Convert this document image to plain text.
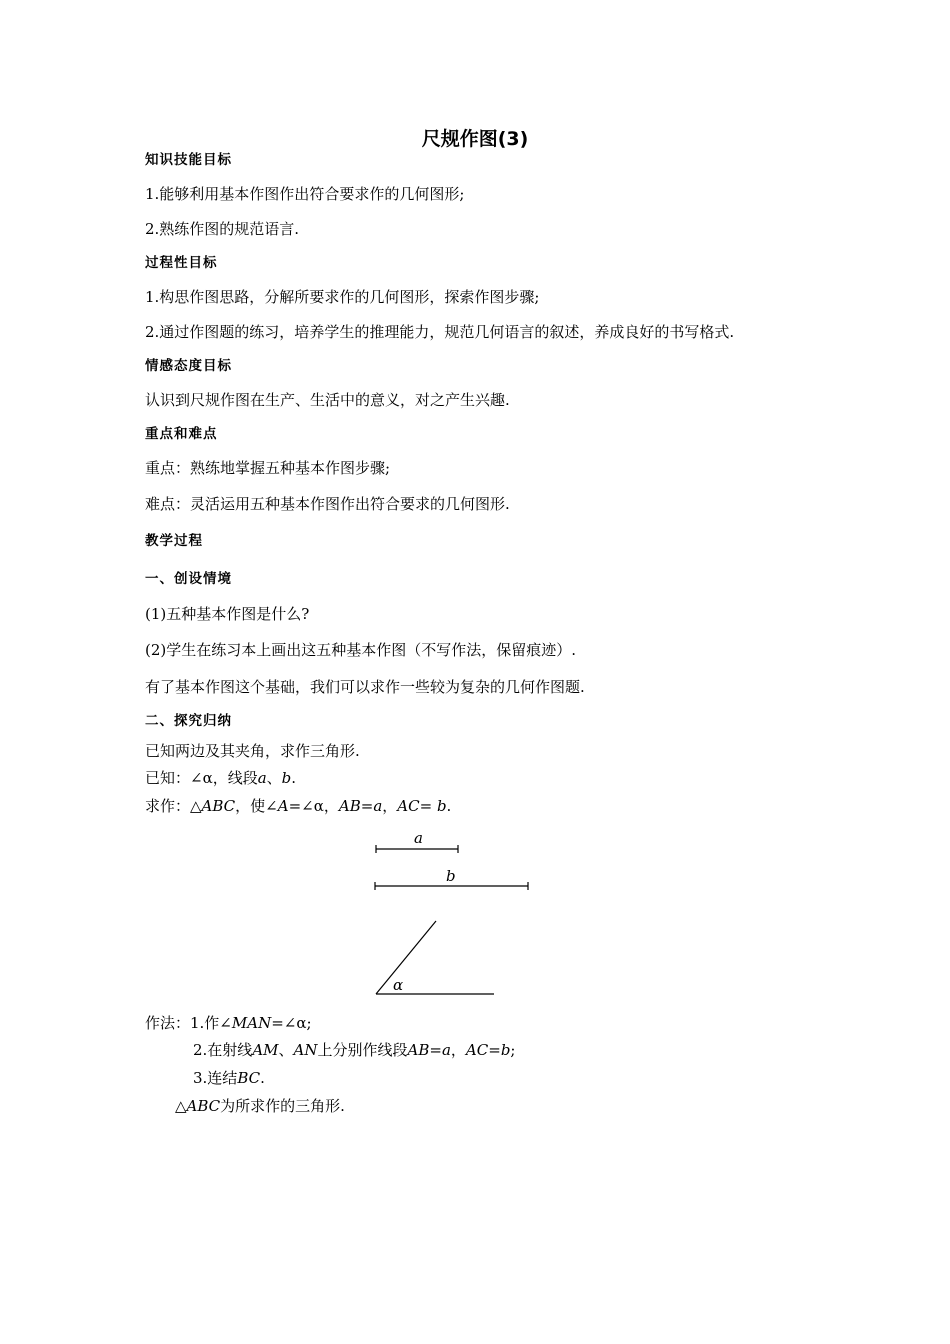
尺规作图(3)
知识技能目标
1.能够利用基本作图作出符合要求作的几何图形;
2.熟练作图的规范语言.
过程性目标
1.构思作图思路，分解所要求作的几何图形，探索作图步骤;
2.通过作图题的练习，培养学生的推理能力，规范几何语言的叙述，养成良好的书写格式.
情感态度目标
认识到尺规作图在生产、生活中的意义，对之产生兴趣.
重点和难点
重点：熟练地掌握五种基本作图步骤;
难点：灵活运用五种基本作图作出符合要求的几何图形.
教学过程
一、创设情境
(1)五种基本作图是什么?
(2)学生在练习本上画出这五种基本作图（不写作法，保留痕迹）.
有了基本作图这个基础，我们可以求作一些较为复杂的几何作图题.
二、探究归纳
已知两边及其夹角，求作三角形.
已知：∠α，线段a、b.
求作：△ABC，使∠A=∠α，AB=a，AC= b.
a
b
α
作法：1.作∠MAN=∠α;
2.在射线AM、AN上分别作线段AB=a，AC=b;
3.连结BC.
△ABC为所求作的三角形.
